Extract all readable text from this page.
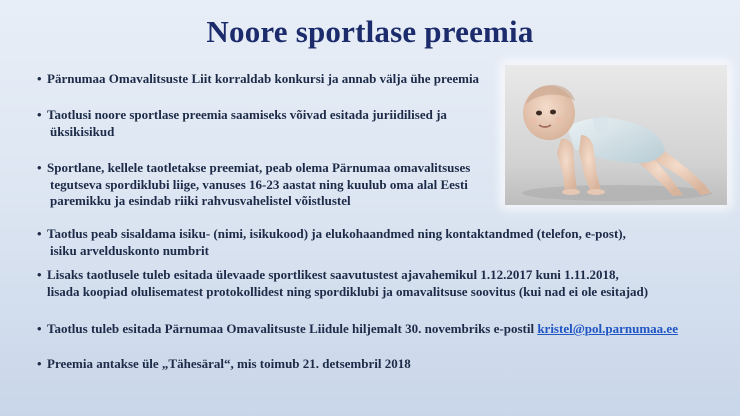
Noore sportlase preemia
• Pärnumaa Omavalitsuste Liit korraldab konkursi ja annab välja ühe preemia
• Taotlusi noore sportlase preemia saamiseks võivad esitada juriidilised ja
üksikisikud
• Sportlane, kellele taotletakse preemiat, peab olema Pärnumaa omavalitsuses
tegutseva spordiklubi liige, vanuses 16-23 aastat ning kuulub oma alal Eesti
paremikku ja esindab riiki rahvusvahelistel võistlustel
• Taotlus peab sisaldama isiku- (nimi, isikukood) ja elukohaandmed ning kontaktandmed (telefon, e-post),
isiku arvelduskonto numbrit
• Lisaks taotlusele tuleb esitada ülevaade sportlikest saavutustest ajavahemikul 1.12.2017 kuni 1.11.2018,
lisada koopiad olulisematest protokollidest ning spordiklubi ja omavalitsuse soovitus (kui nad ei ole esitajad)
• Taotlus tuleb esitada Pärnumaa Omavalitsuste Liidule hiljemalt 30. novembriks e-postil kristel@pol.parnumaa.ee
• Preemia antakse üle „Tähesäral“, mis toimub 21. detsembril 2018
